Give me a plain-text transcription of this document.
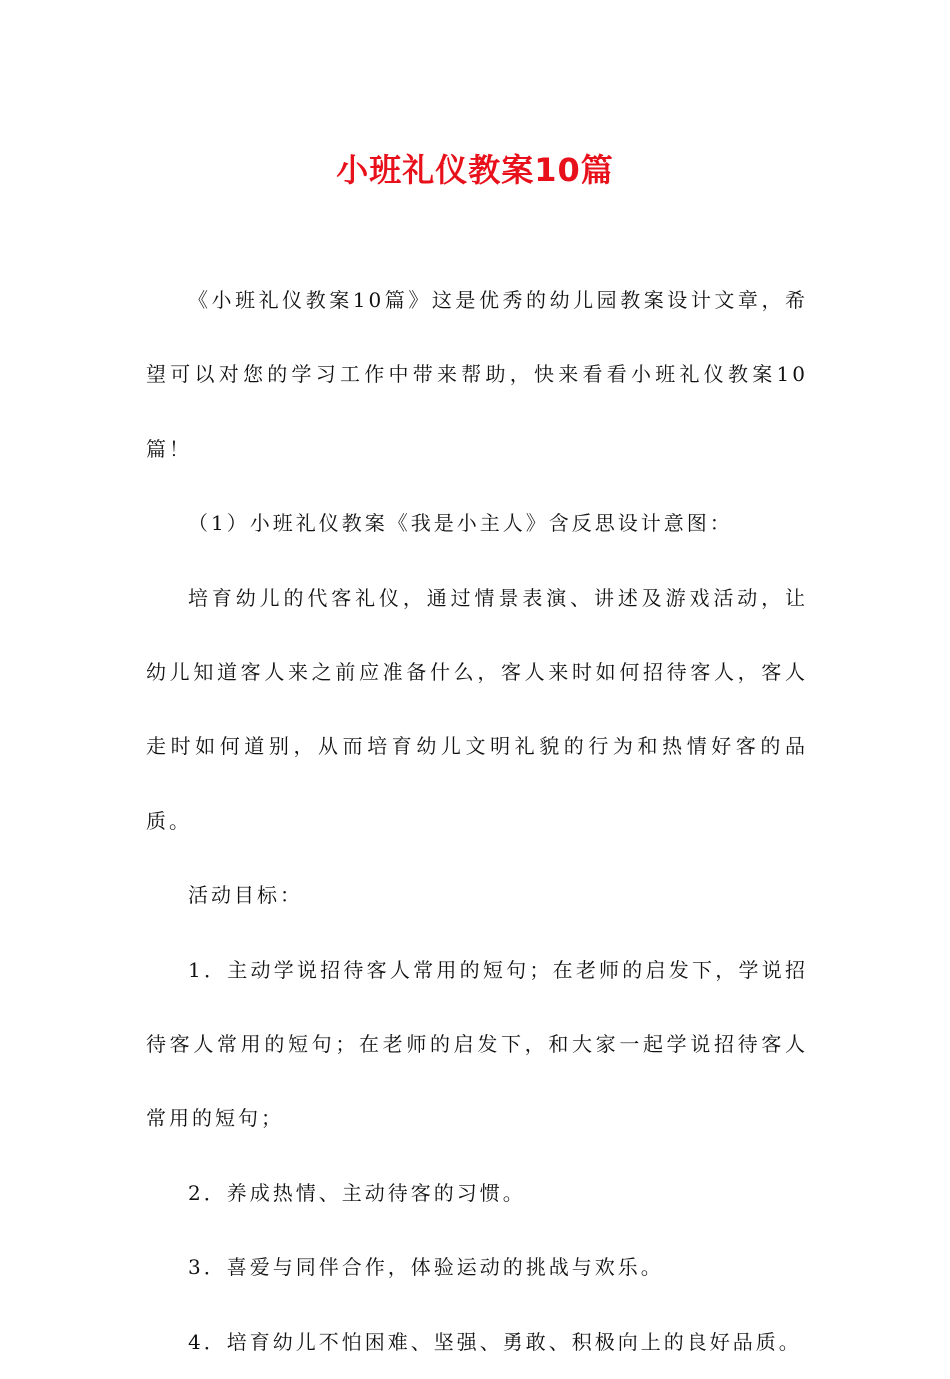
小班礼仪教案10篇

《小班礼仪教案10篇》这是优秀的幼儿园教案设计文章，希望可以对您的学习工作中带来帮助，快来看看小班礼仪教案10篇！

（1）小班礼仪教案《我是小主人》含反思设计意图：

培育幼儿的代客礼仪，通过情景表演、讲述及游戏活动，让幼儿知道客人来之前应准备什么，客人来时如何招待客人，客人走时如何道别，从而培育幼儿文明礼貌的行为和热情好客的品质。

活动目标：

1．主动学说招待客人常用的短句；在老师的启发下，学说招待客人常用的短句；在老师的启发下，和大家一起学说招待客人常用的短句；

2．养成热情、主动待客的习惯。

3．喜爱与同伴合作，体验运动的挑战与欢乐。

4．培育幼儿不怕困难、坚强、勇敢、积极向上的良好品质。
